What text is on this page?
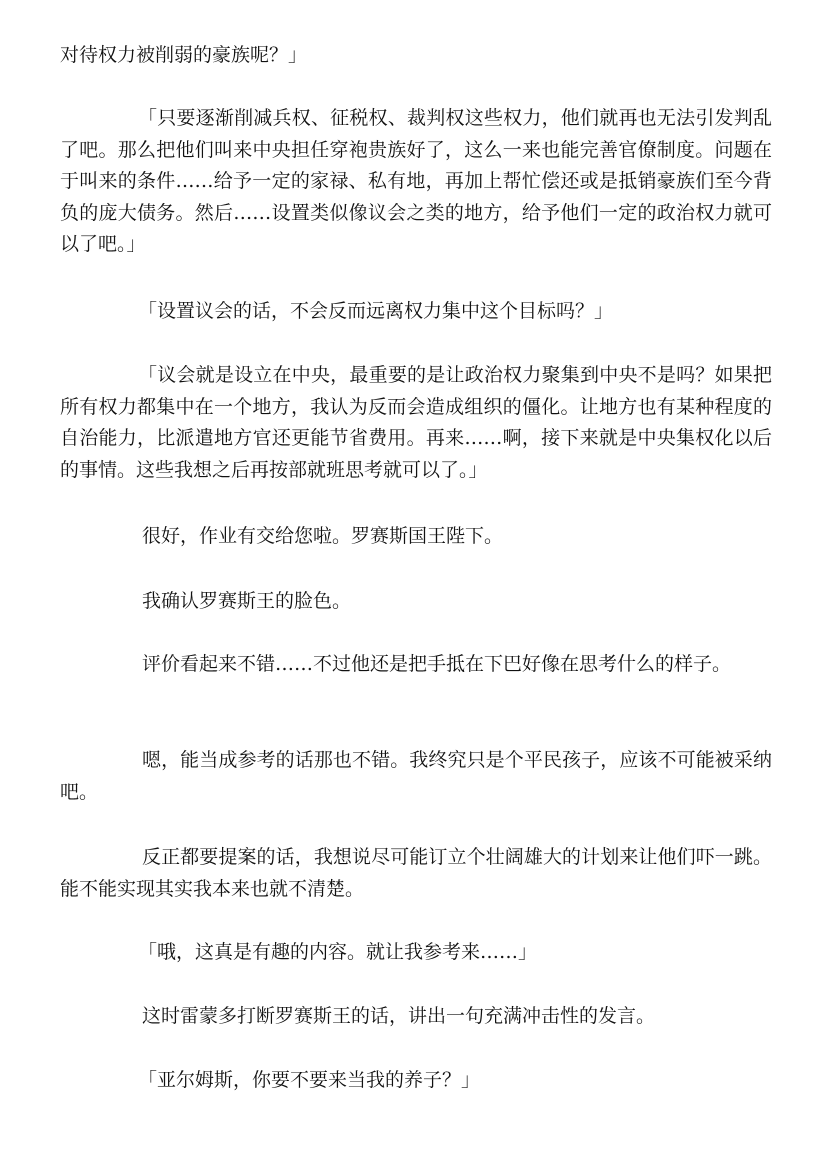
对待权力被削弱的豪族呢？」

「只要逐渐削减兵权、征税权、裁判权这些权力，他们就再也无法引发判乱了吧。那么把他们叫来中央担任穿袍贵族好了，这么一来也能完善官僚制度。问题在于叫来的条件……给予一定的家禄、私有地，再加上帮忙偿还或是抵销豪族们至今背负的庞大债务。然后……设置类似像议会之类的地方，给予他们一定的政治权力就可以了吧。」

「设置议会的话，不会反而远离权力集中这个目标吗？」

「议会就是设立在中央，最重要的是让政治权力聚集到中央不是吗？如果把所有权力都集中在一个地方，我认为反而会造成组织的僵化。让地方也有某种程度的自治能力，比派遣地方官还更能节省费用。再来……啊，接下来就是中央集权化以后的事情。这些我想之后再按部就班思考就可以了。」

很好，作业有交给您啦。罗赛斯国王陛下。

我确认罗赛斯王的脸色。

评价看起来不错……不过他还是把手抵在下巴好像在思考什么的样子。

嗯，能当成参考的话那也不错。我终究只是个平民孩子，应该不可能被采纳吧。

反正都要提案的话，我想说尽可能订立个壮阔雄大的计划来让他们吓一跳。能不能实现其实我本来也就不清楚。

「哦，这真是有趣的内容。就让我参考来……」

这时雷蒙多打断罗赛斯王的话，讲出一句充满冲击性的发言。

「亚尔姆斯，你要不要来当我的养子？」
